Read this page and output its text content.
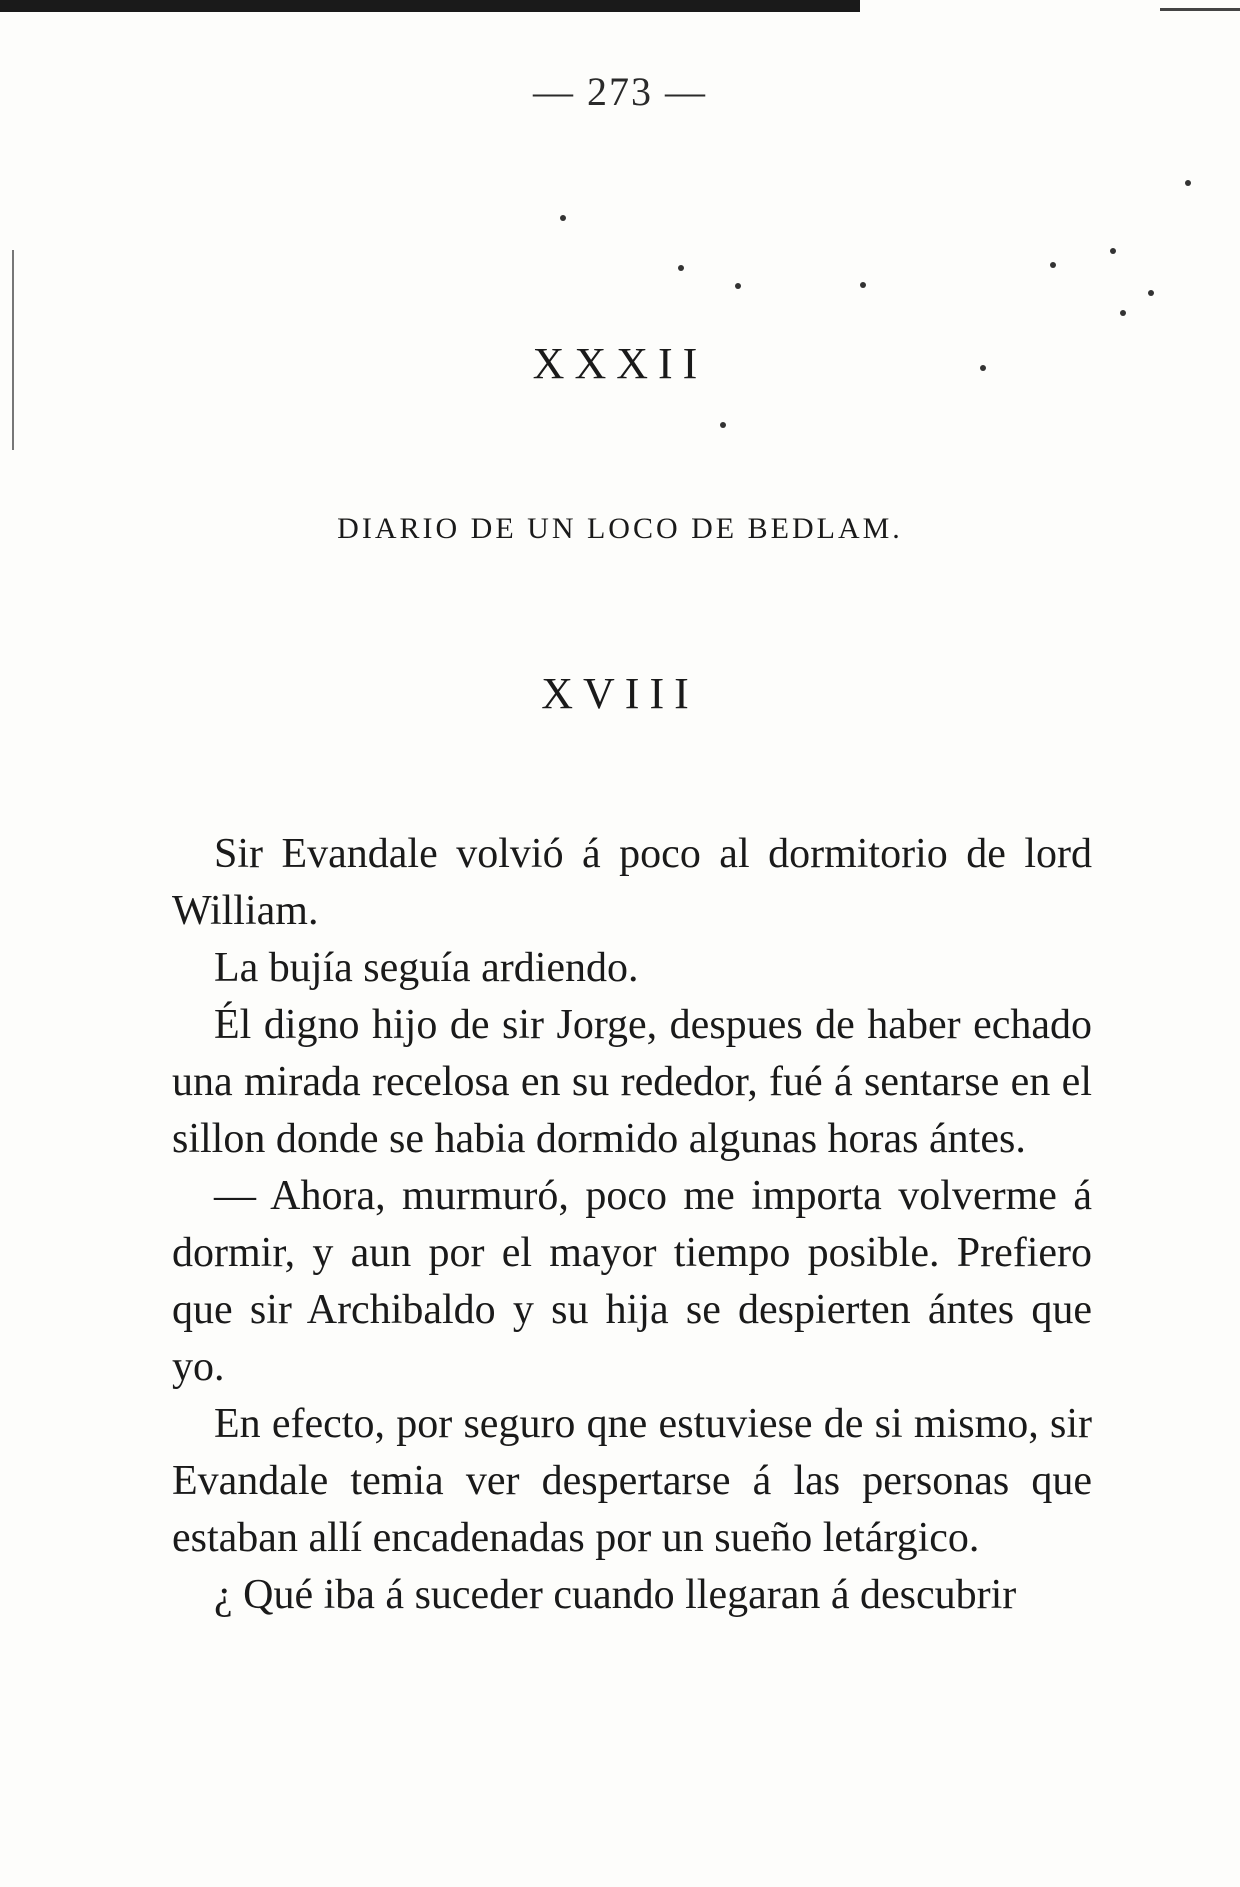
— 273 —
XXXII
DIARIO DE UN LOCO DE BEDLAM.
XVIII

Sir Evandale volvió á poco al dormitorio de lord William.

La bujía seguía ardiendo.

Él digno hijo de sir Jorge, despues de haber echado una mirada recelosa en su rededor, fué á sentarse en el sillon donde se habia dormido algunas horas ántes.

— Ahora, murmuró, poco me importa volverme á dormir, y aun por el mayor tiempo posible. Prefiero que sir Archibaldo y su hija se despierten ántes que yo.

En efecto, por seguro qne estuviese de si mismo, sir Evandale temia ver despertarse á las personas que estaban allí encadenadas por un sueño letárgico.

¿ Qué iba á suceder cuando llegaran á descubrir
